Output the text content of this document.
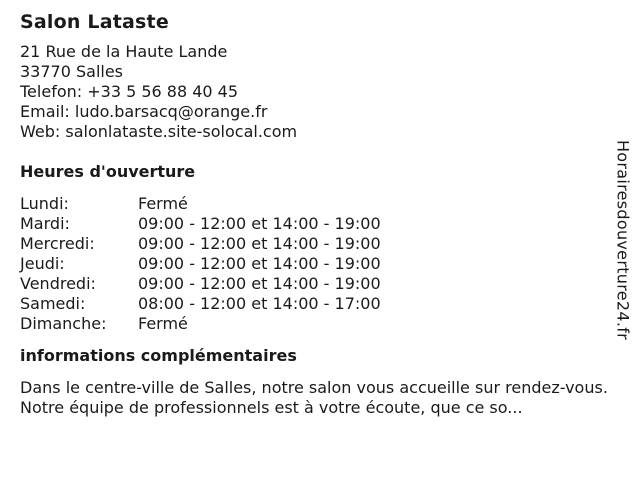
Salon Lataste
21 Rue de la Haute Lande
33770 Salles
Telefon: +33 5 56 88 40 45
Email: ludo.barsacq@orange.fr
Web: salonlataste.site-solocal.com
Heures d'ouverture
Lundi:	Fermé
Mardi:	09:00 - 12:00 et 14:00 - 19:00
Mercredi:	09:00 - 12:00 et 14:00 - 19:00
Jeudi:	09:00 - 12:00 et 14:00 - 19:00
Vendredi:	09:00 - 12:00 et 14:00 - 19:00
Samedi:	08:00 - 12:00 et 14:00 - 17:00
Dimanche:	Fermé
informations complémentaires
Dans le centre-ville de Salles, notre salon vous accueille sur rendez-vous. Notre équipe de professionnels est à votre écoute, que ce so...
Horairesdouverture24.fr
